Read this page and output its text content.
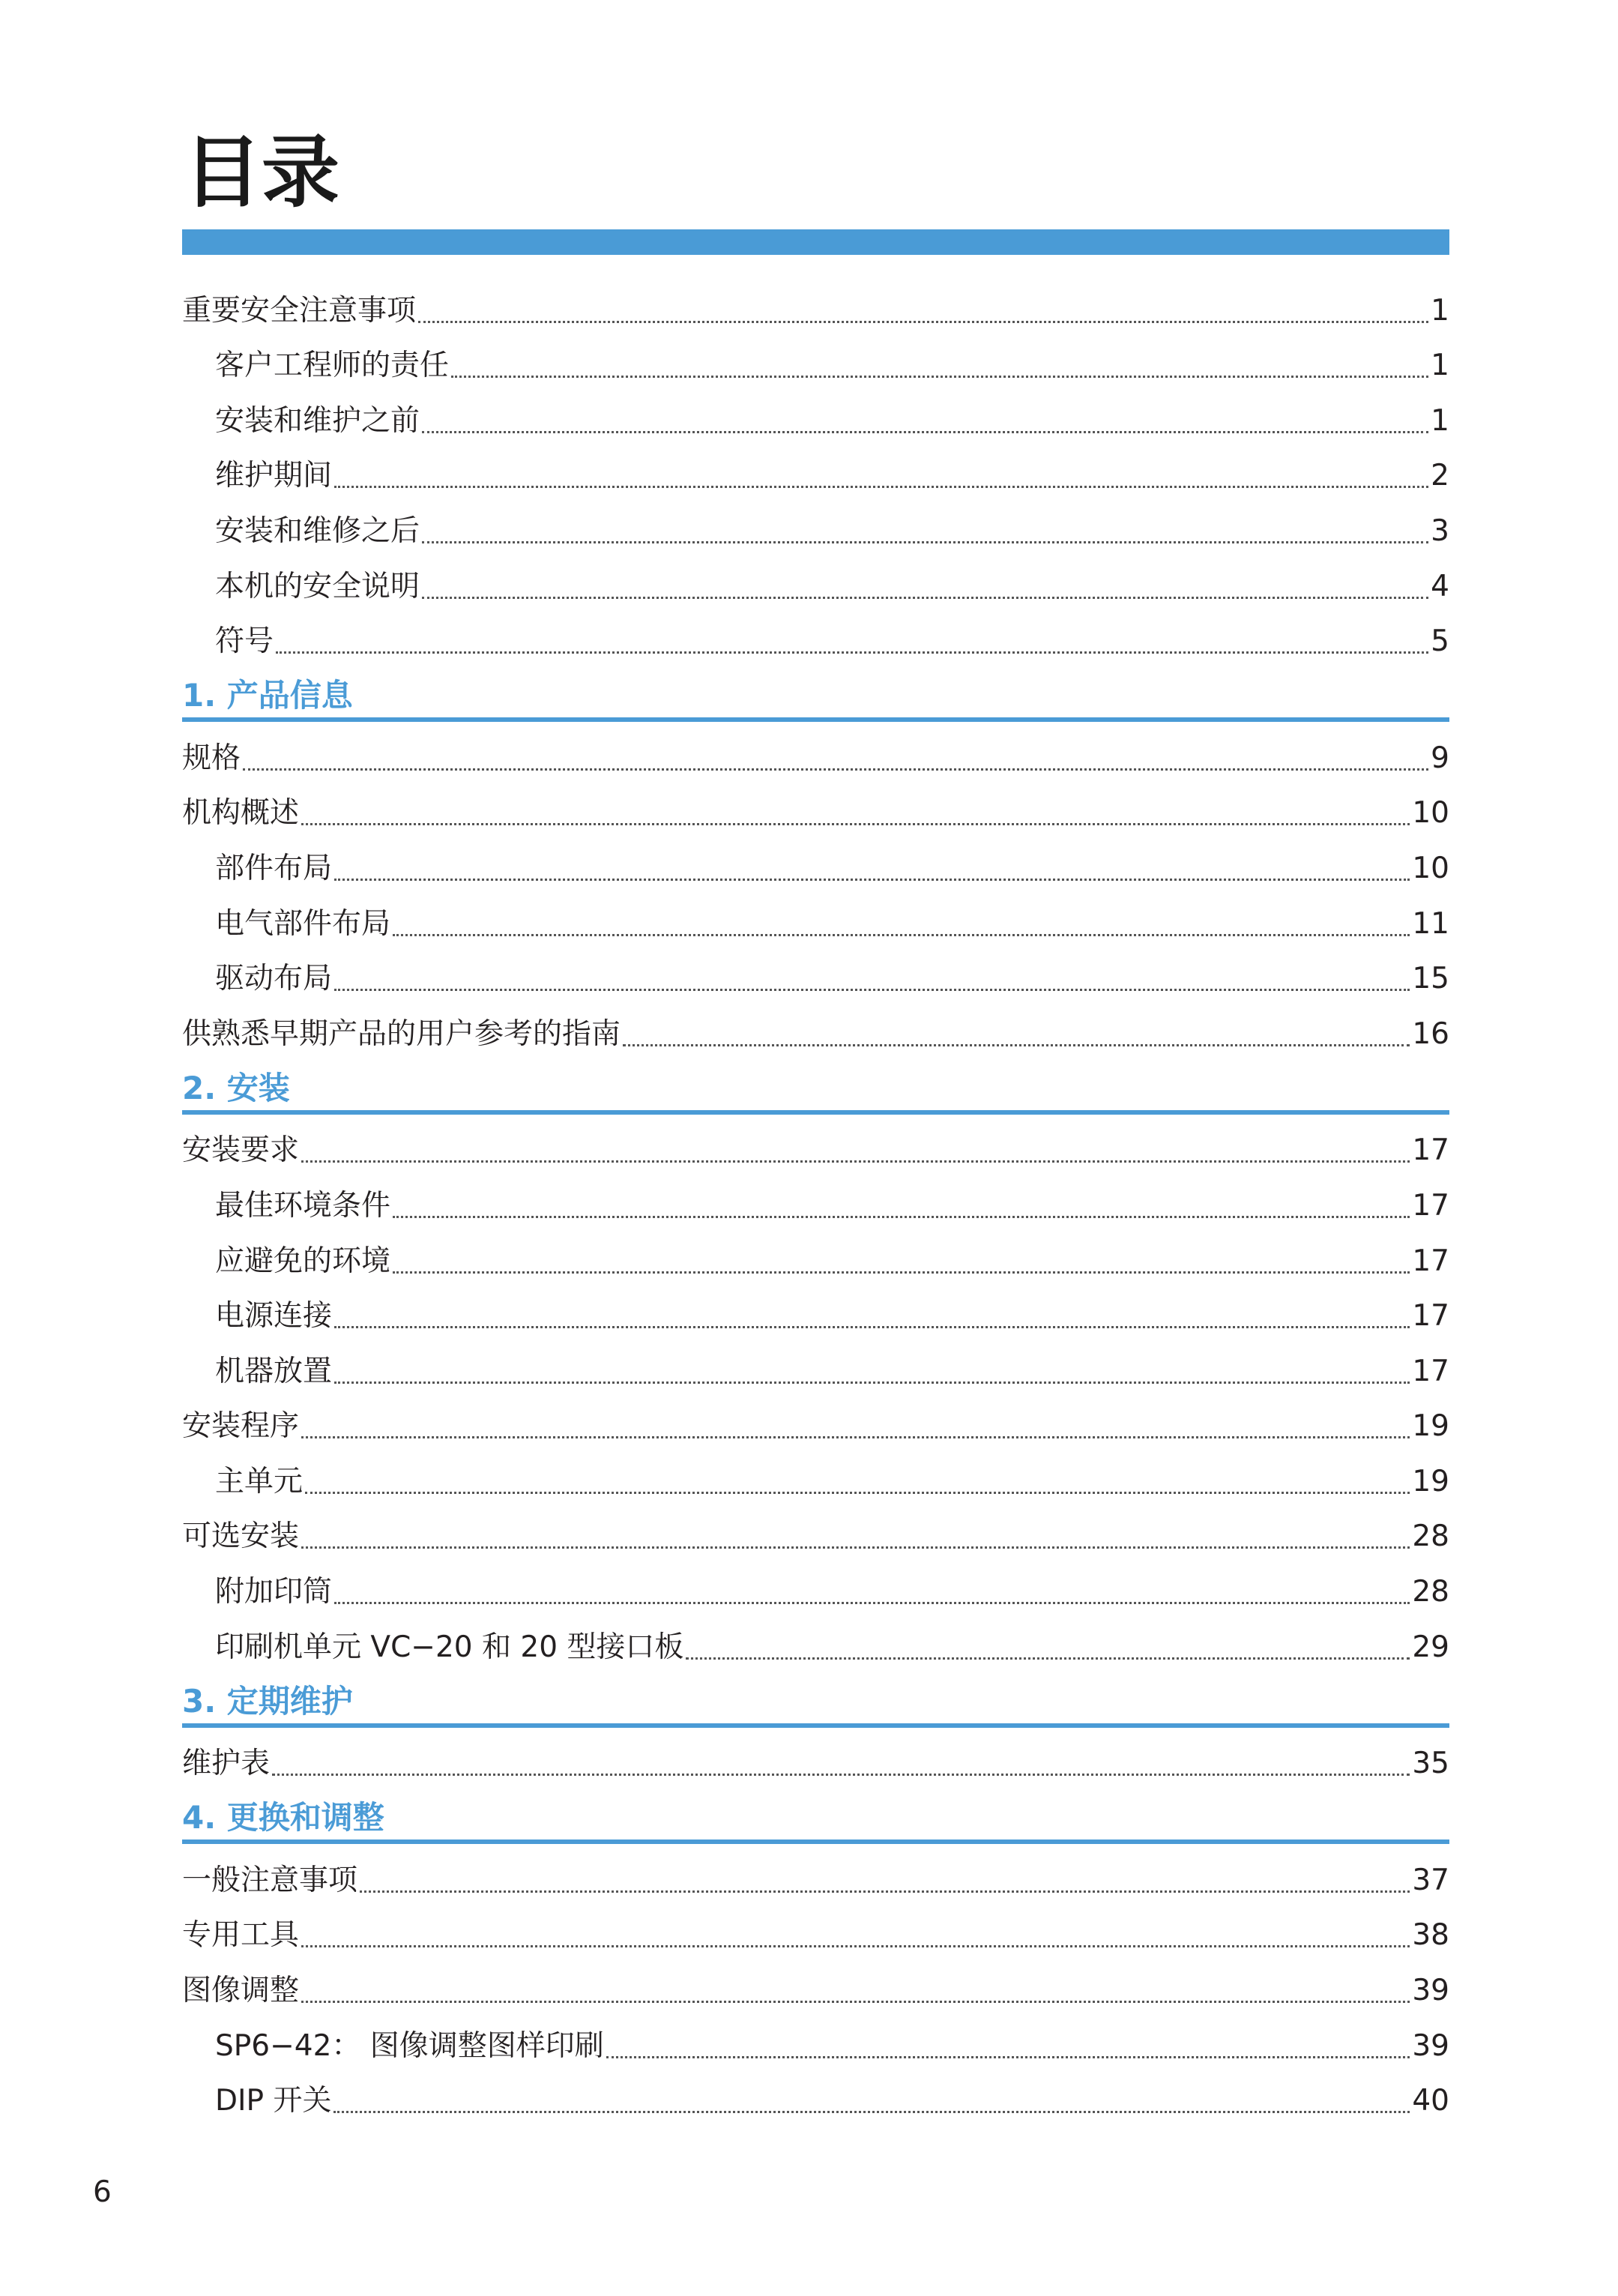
目录
重要安全注意事项	1
客户工程师的责任	1
安装和维护之前	1
维护期间	2
安装和维修之后	3
本机的安全说明	4
符号	5
1. 产品信息
规格	9
机构概述	10
部件布局	10
电气部件布局	11
驱动布局	15
供熟悉早期产品的用户参考的指南	16
2. 安装
安装要求	17
最佳环境条件	17
应避免的环境	17
电源连接	17
机器放置	17
安装程序	19
主单元	19
可选安装	28
附加印筒	28
印刷机单元 VC−20 和 20 型接口板	29
3. 定期维护
维护表	35
4. 更换和调整
一般注意事项	37
专用工具	38
图像调整	39
SP6−42： 图像调整图样印刷	39
DIP 开关	40
6
